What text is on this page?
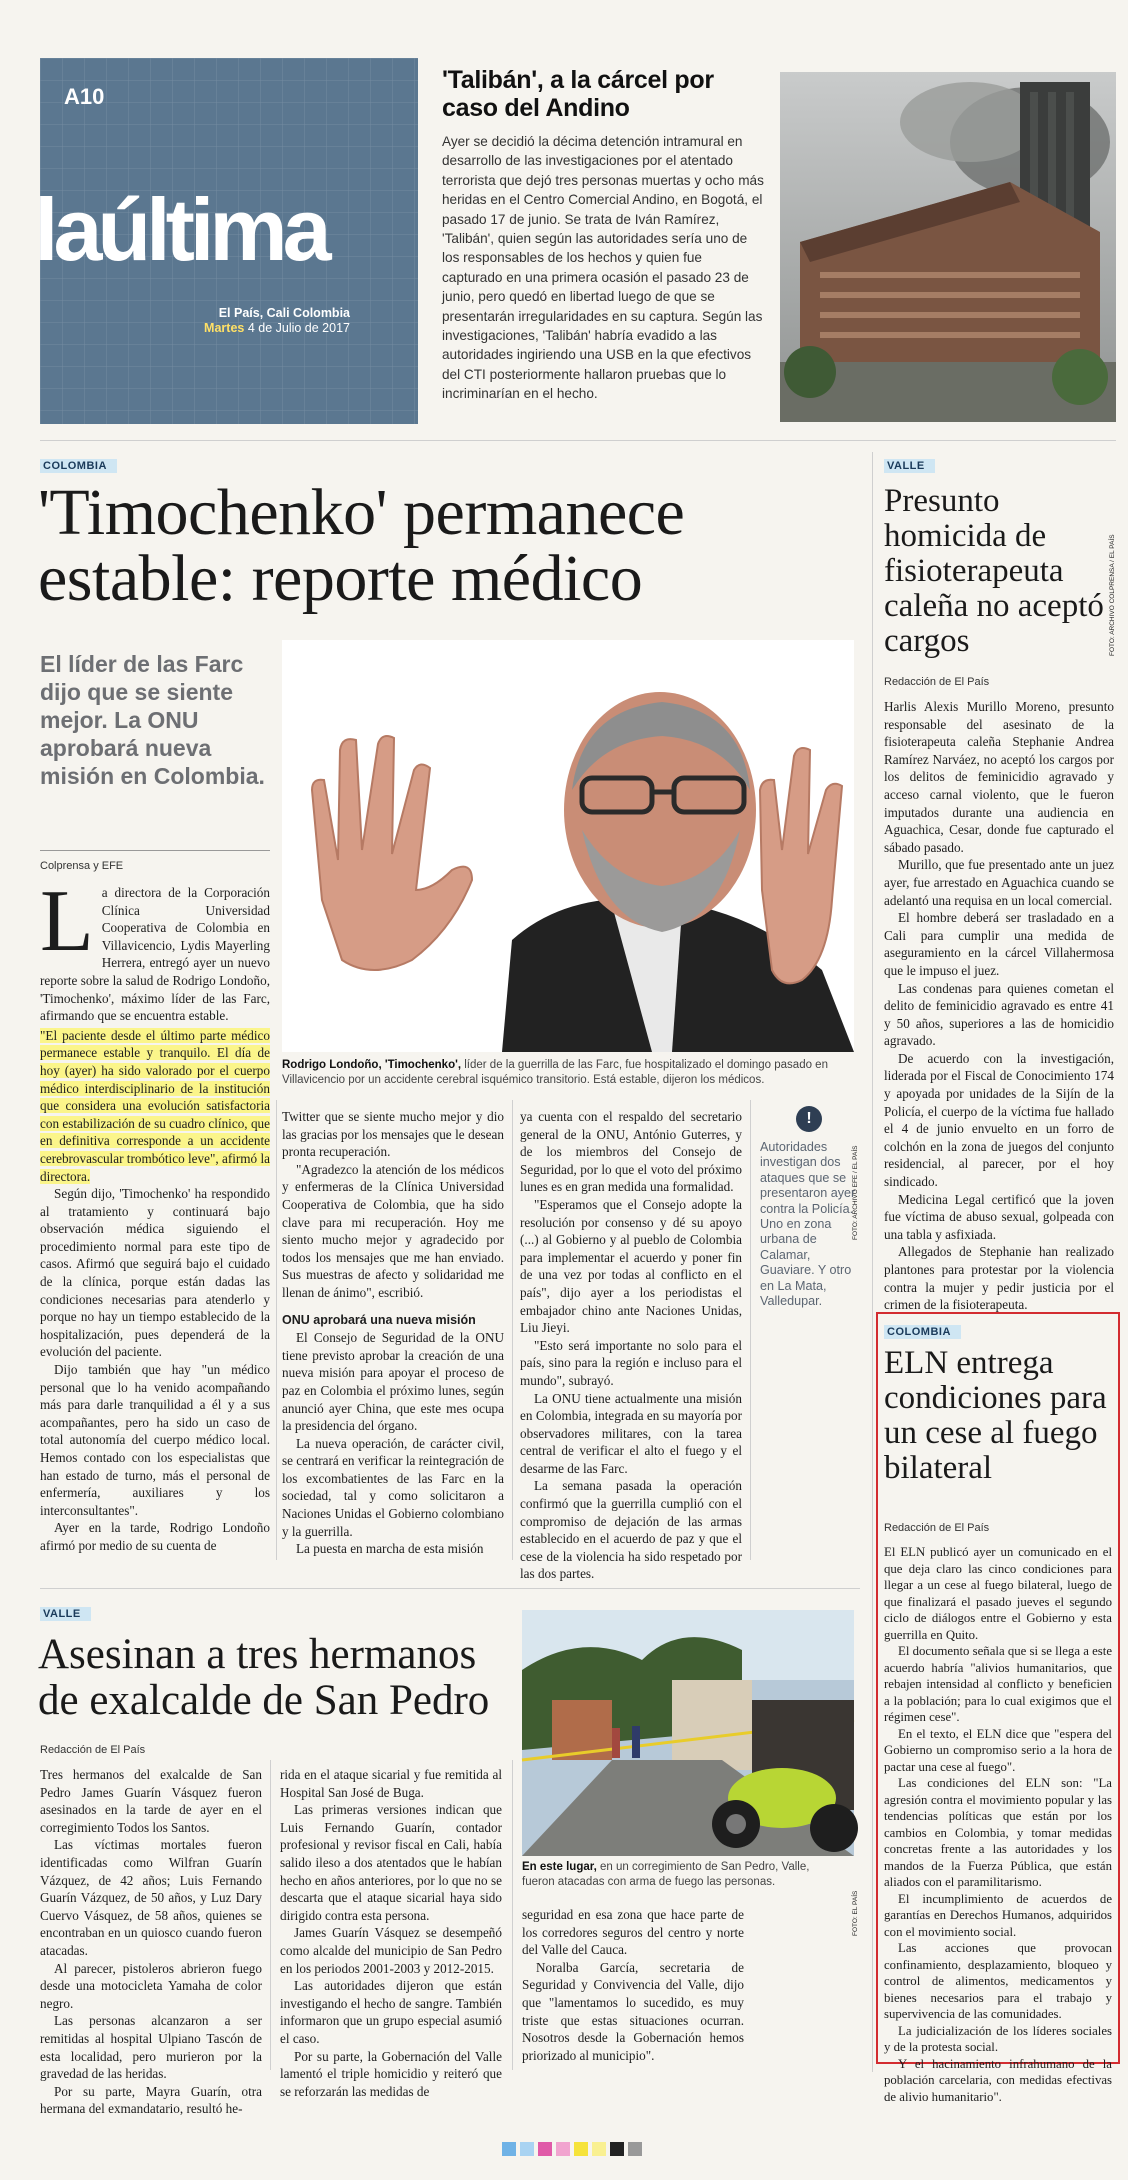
A10
laúltima
El País, Cali Colombia
Martes 4 de Julio de 2017
'Talibán', a la cárcel por caso del Andino

Ayer se decidió la décima detención intramural en desarrollo de las investigaciones por el atentado terrorista que dejó tres personas muertas y ocho más heridas en el Centro Comercial Andino, en Bogotá, el pasado 17 de junio. Se trata de Iván Ramírez, 'Talibán', quien según las autoridades sería uno de los responsables de los hechos y quien fue capturado en una primera ocasión el pasado 23 de junio, pero quedó en libertad luego de que se presentarán irregularidades en su captura. Según las investigaciones, 'Talibán' habría evadido a las autoridades ingiriendo una USB en la que efectivos del CTI posteriormente hallaron pruebas que lo incriminarían en el hecho.

FOTO: ARCHIVO COLPRENSA / EL PAÍS
COLOMBIA
'Timochenko' permanece estable: reporte médico
El líder de las Farc dijo que se siente mejor. La ONU aprobará nueva misión en Colombia.
Colprensa y EFE
FOTO: ARCHIVO EFE / EL PAÍS
Rodrigo Londoño, 'Timochenko', líder de la guerrilla de las Farc, fue hospitalizado el domingo pasado en Villavicencio por un accidente cerebral isquémico transitorio. Está estable, dijeron los médicos.

La directora de la Corporación Clínica Universidad Cooperativa de Colombia en Villavicencio, Lydis Mayerling Herrera, entregó ayer un nuevo reporte sobre la salud de Rodrigo Londoño, 'Timochenko', máximo líder de las Farc, afirmando que se encuentra estable.

"El paciente desde el último parte médico permanece estable y tranquilo. El día de hoy (ayer) ha sido valorado por el cuerpo médico interdisciplinario de la institución que considera una evolución satisfactoria con estabilización de su cuadro clínico, que en definitiva corresponde a un accidente cerebrovascular trombótico leve", afirmó la directora.

Según dijo, 'Timochenko' ha respondido al tratamiento y continuará bajo observación médica siguiendo el procedimiento normal para este tipo de casos. Afirmó que seguirá bajo el cuidado de la clínica, porque están dadas las condiciones necesarias para atenderlo y porque no hay un tiempo establecido de la hospitalización, pues dependerá de la evolución del paciente.

Dijo también que hay "un médico personal que lo ha venido acompañando más para darle tranquilidad a él y a sus acompañantes, pero ha sido un caso de total autonomía del cuerpo médico local. Hemos contado con los especialistas que han estado de turno, más el personal de enfermería, auxiliares y los interconsultantes".

Ayer en la tarde, Rodrigo Londoño afirmó por medio de su cuenta de

Twitter que se siente mucho mejor y dio las gracias por los mensajes que le desean pronta recuperación.

"Agradezco la atención de los médicos y enfermeras de la Clínica Universidad Cooperativa de Colombia, que ha sido clave para mi recuperación. Hoy me siento mucho mejor y agradecido por todos los mensajes que me han enviado. Sus muestras de afecto y solidaridad me llenan de ánimo", escribió.

ONU aprobará una nueva misión

El Consejo de Seguridad de la ONU tiene previsto aprobar la creación de una nueva misión para apoyar el proceso de paz en Colombia el próximo lunes, según anunció ayer China, que este mes ocupa la presidencia del órgano.

La nueva operación, de carácter civil, se centrará en verificar la reintegración de los excombatientes de las Farc en la sociedad, tal y como solicitaron a Naciones Unidas el Gobierno colombiano y la guerrilla.

La puesta en marcha de esta misión

ya cuenta con el respaldo del secretario general de la ONU, António Guterres, y de los miembros del Consejo de Seguridad, por lo que el voto del próximo lunes es en gran medida una formalidad.

"Esperamos que el Consejo adopte la resolución por consenso y dé su apoyo (...) al Gobierno y al pueblo de Colombia para implementar el acuerdo y poner fin de una vez por todas al conflicto en el país", dijo ayer a los periodistas el embajador chino ante Naciones Unidas, Liu Jieyi.

"Esto será importante no solo para el país, sino para la región e incluso para el mundo", subrayó.

La ONU tiene actualmente una misión en Colombia, integrada en su mayoría por observadores militares, con la tarea central de verificar el alto el fuego y el desarme de las Farc.

La semana pasada la operación confirmó que la guerrilla cumplió con el compromiso de dejación de las armas establecido en el acuerdo de paz y que el cese de la violencia ha sido respetado por las dos partes.

!

Autoridades investigan dos ataques que se presentaron ayer contra la Policía. Uno en zona urbana de Calamar, Guaviare. Y otro en La Mata, Valledupar.

VALLE
Presunto homicida de fisioterapeuta caleña no aceptó cargos
Redacción de El País

Harlis Alexis Murillo Moreno, presunto responsable del asesinato de la fisioterapeuta caleña Stephanie Andrea Ramírez Narváez, no aceptó los cargos por los delitos de feminicidio agravado y acceso carnal violento, que le fueron imputados durante una audiencia en Aguachica, Cesar, donde fue capturado el sábado pasado.

Murillo, que fue presentado ante un juez ayer, fue arrestado en Aguachica cuando se adelantó una requisa en un local comercial.

El hombre deberá ser trasladado en a Cali para cumplir una medida de aseguramiento en la cárcel Villahermosa que le impuso el juez.

Las condenas para quienes cometan el delito de feminicidio agravado es entre 41 y 50 años, superiores a las de homicidio agravado.

De acuerdo con la investigación, liderada por el Fiscal de Conocimiento 174 y apoyada por unidades de la Sijín de la Policía, el cuerpo de la víctima fue hallado el 4 de junio envuelto en un forro de colchón en la zona de juegos del conjunto residencial, al parecer, por el hoy sindicado.

Medicina Legal certificó que la joven fue víctima de abuso sexual, golpeada con una tabla y asfixiada.

Allegados de Stephanie han realizado plantones para protestar por la violencia contra la mujer y pedir justicia por el crimen de la fisioterapeuta.

COLOMBIA
ELN entrega condiciones para un cese al fuego bilateral
Redacción de El País

El ELN publicó ayer un comunicado en el que deja claro las cinco condiciones para llegar a un cese al fuego bilateral, luego de que finalizará el pasado jueves el segundo ciclo de diálogos entre el Gobierno y esta guerrilla en Quito.

El documento señala que si se llega a este acuerdo habría "alivios humanitarios, que rebajen intensidad al conflicto y beneficien a la población; para lo cual exigimos que el régimen cese".

En el texto, el ELN dice que "espera del Gobierno un compromiso serio a la hora de pactar una cese al fuego".

Las condiciones del ELN son: "La agresión contra el movimiento popular y las tendencias políticas que están por los cambios en Colombia, y tomar medidas concretas frente a las autoridades y los mandos de la Fuerza Pública, que están aliados con el paramilitarismo.

El incumplimiento de acuerdos de garantías en Derechos Humanos, adquiridos con el movimiento social.

Las acciones que provocan confinamiento, desplazamiento, bloqueo y control de alimentos, medicamentos y bienes necesarios para el trabajo y supervivencia de las comunidades.

La judicialización de los líderes sociales y de la protesta social.

Y el hacinamiento infrahumano de la población carcelaria, con medidas efectivas de alivio humanitario".

VALLE
Asesinan a tres hermanos de exalcalde de San Pedro
Redacción de El País

Tres hermanos del exalcalde de San Pedro James Guarín Vásquez fueron asesinados en la tarde de ayer en el corregimiento Todos los Santos.

Las víctimas mortales fueron identificadas como Wilfran Guarín Vázquez, de 42 años; Luis Fernando Guarín Vázquez, de 50 años, y Luz Dary Cuervo Vásquez, de 58 años, quienes se encontraban en un quiosco cuando fueron atacadas.

Al parecer, pistoleros abrieron fuego desde una motocicleta Yamaha de color negro.

Las personas alcanzaron a ser remitidas al hospital Ulpiano Tascón de esta localidad, pero murieron por la gravedad de las heridas.

Por su parte, Mayra Guarín, otra hermana del exmandatario, resultó he-

rida en el ataque sicarial y fue remitida al Hospital San José de Buga.

Las primeras versiones indican que Luis Fernando Guarín, contador profesional y revisor fiscal en Cali, había salido ileso a dos atentados que le habían hecho en años anteriores, por lo que no se descarta que el ataque sicarial haya sido dirigido contra esta persona.

James Guarín Vásquez se desempeñó como alcalde del municipio de San Pedro en los periodos 2001-2003 y 2012-2015.

Las autoridades dijeron que están investigando el hecho de sangre. También informaron que un grupo especial asumió el caso.

Por su parte, la Gobernación del Valle lamentó el triple homicidio y reiteró que se reforzarán las medidas de

FOTO: EL PAÍS
En este lugar, en un corregimiento de San Pedro, Valle, fueron atacadas con arma de fuego las personas.

seguridad en esa zona que hace parte de los corredores seguros del centro y norte del Valle del Cauca.

Noralba García, secretaria de Seguridad y Convivencia del Valle, dijo que "lamentamos lo sucedido, es muy triste que estas situaciones ocurran. Nosotros desde la Gobernación hemos priorizado al municipio".
